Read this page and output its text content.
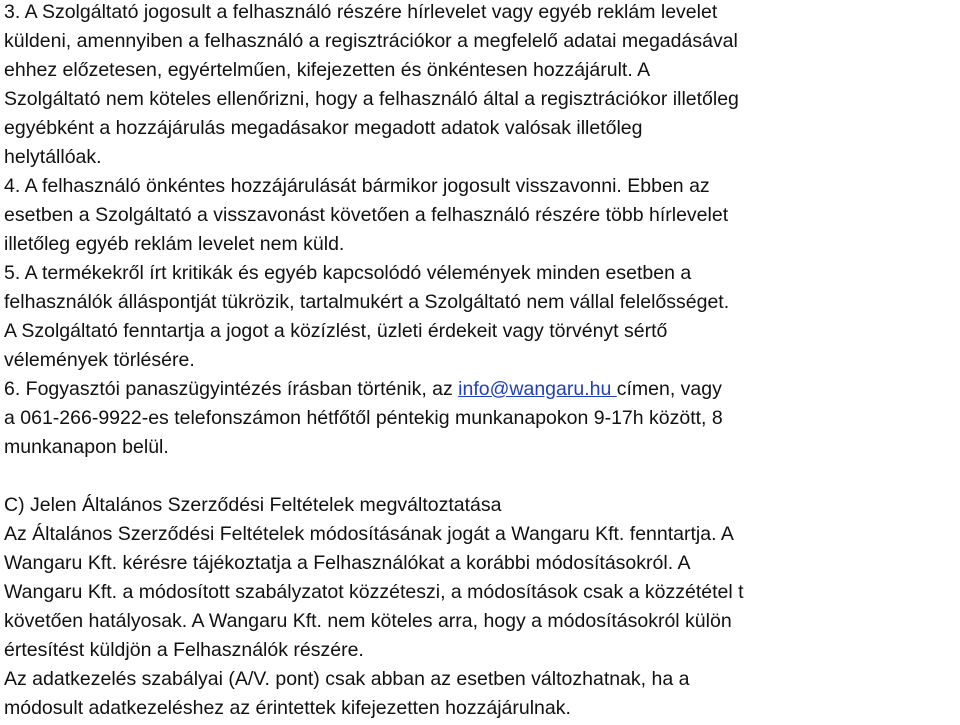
3. A Szolgáltató jogosult a felhasználó részére hírlevelet vagy egyéb reklám levelet
küldeni, amennyiben a felhasználó a regisztrációkor a megfelelő adatai megadásával
ehhez előzetesen, egyértelműen, kifejezetten és önkéntesen hozzájárult. A
Szolgáltató nem köteles ellenőrizni, hogy a felhasználó által a regisztrációkor illetőleg
egyébként a hozzájárulás megadásakor megadott adatok valósak illetőleg
helytállóak.
4. A felhasználó önkéntes hozzájárulását bármikor jogosult visszavonni. Ebben az
esetben a Szolgáltató a visszavonást követően a felhasználó részére több hírlevelet
illetőleg egyéb reklám levelet nem küld.
5. A termékekről írt kritikák és egyéb kapcsolódó vélemények minden esetben a
felhasználók álláspontját tükrözik, tartalmukért a Szolgáltató nem vállal felelősséget.
A Szolgáltató fenntartja a jogot a közízlést, üzleti érdekeit vagy törvényt sértő
vélemények törlésére.
6. Fogyasztói panaszügyintézés írásban történik, az info@wangaru.hu címen, vagy
a 061-266-9922-es telefonszámon hétfőtől péntekig munkanapokon 9-17h között, 8
munkanapon belül.
C) Jelen Általános Szerződési Feltételek megváltoztatása
Az Általános Szerződési Feltételek módosításának jogát a Wangaru Kft. fenntartja. A
Wangaru Kft. kérésre tájékoztatja a Felhasználókat a korábbi módosításokról. A
Wangaru Kft. a módosított szabályzatot közzéteszi, a módosítások csak a közzététel t
követően hatályosak. A Wangaru Kft. nem köteles arra, hogy a módosításokról külön
értesítést küldjön a Felhasználók részére.
Az adatkezelés szabályai (A/V. pont) csak abban az esetben változhatnak, ha a
módosult adatkezeléshez az érintettek kifejezetten hozzájárulnak.
